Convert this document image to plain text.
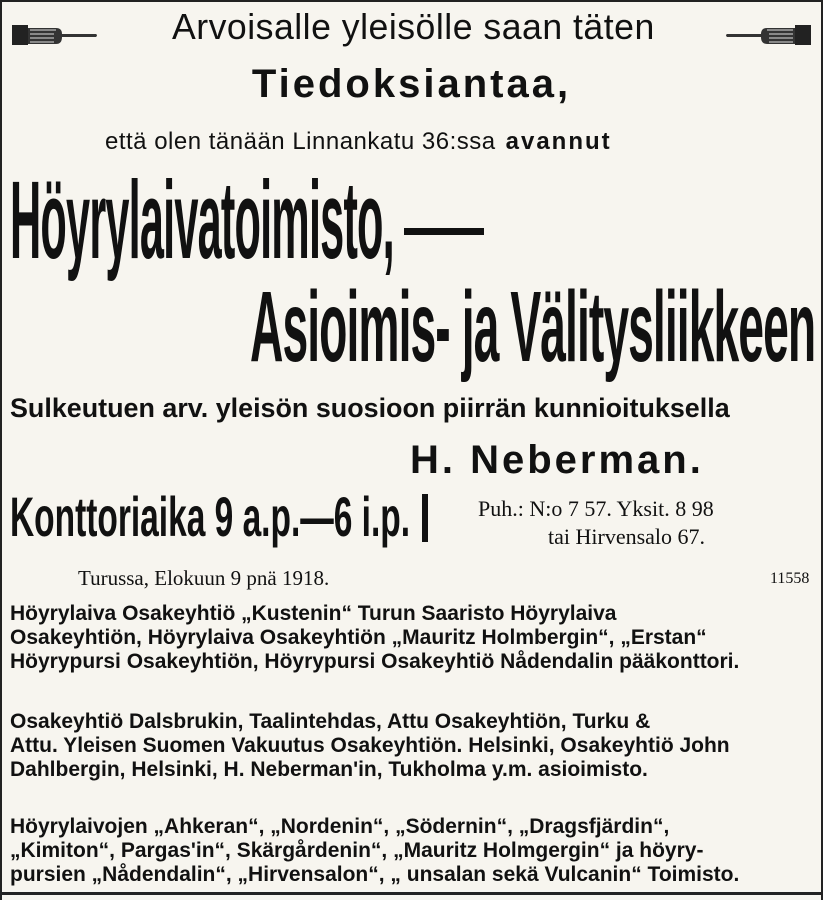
Arvoisalle yleisölle saan täten
Tiedoksiantaa,
että olen tänään Linnankatu 36:ssa avannut
Höyrylaivatoimisto,
Asioimis- ja Välitysliikkeen
Sulkeutuen arv. yleisön suosioon piirrän kunnioituksella
H. Neberman.
Konttoriaika 9 a.p.—6 i.p.	Puh.: N:o 7 57. Yksit. 8 98
tai Hirvensalo 67.
Turussa, Elokuun 9 pnä 1918.	11558
Höyrylaiva Osakeyhtiö „Kustenin“ Turun Saaristo Höyrylaiva
Osakeyhtiön, Höyrylaiva Osakeyhtiön „Mauritz Holmbergin“, „Erstan“
Höyrypursi Osakeyhtiön, Höyrypursi Osakeyhtiö Nådendalin pääkonttori.
Osakeyhtiö Dalsbrukin, Taalintehdas, Attu Osakeyhtiön, Turku &
Attu. Yleisen Suomen Vakuutus Osakeyhtiön. Helsinki, Osakeyhtiö John
Dahlbergin, Helsinki, H. Neberman'in, Tukholma y.m. asioimisto.
Höyrylaivojen „Ahkeran“, „Nordenin“, „Södernin“, „Dragsfjärdin“,
„Kimiton“, Pargas'in“, Skärgårdenin“, „Mauritz Holmgergin“ ja höyry-
pursien „Nådendalin“, „Hirvensalon“, „ unsalan sekä Vulcanin“ Toimisto.
